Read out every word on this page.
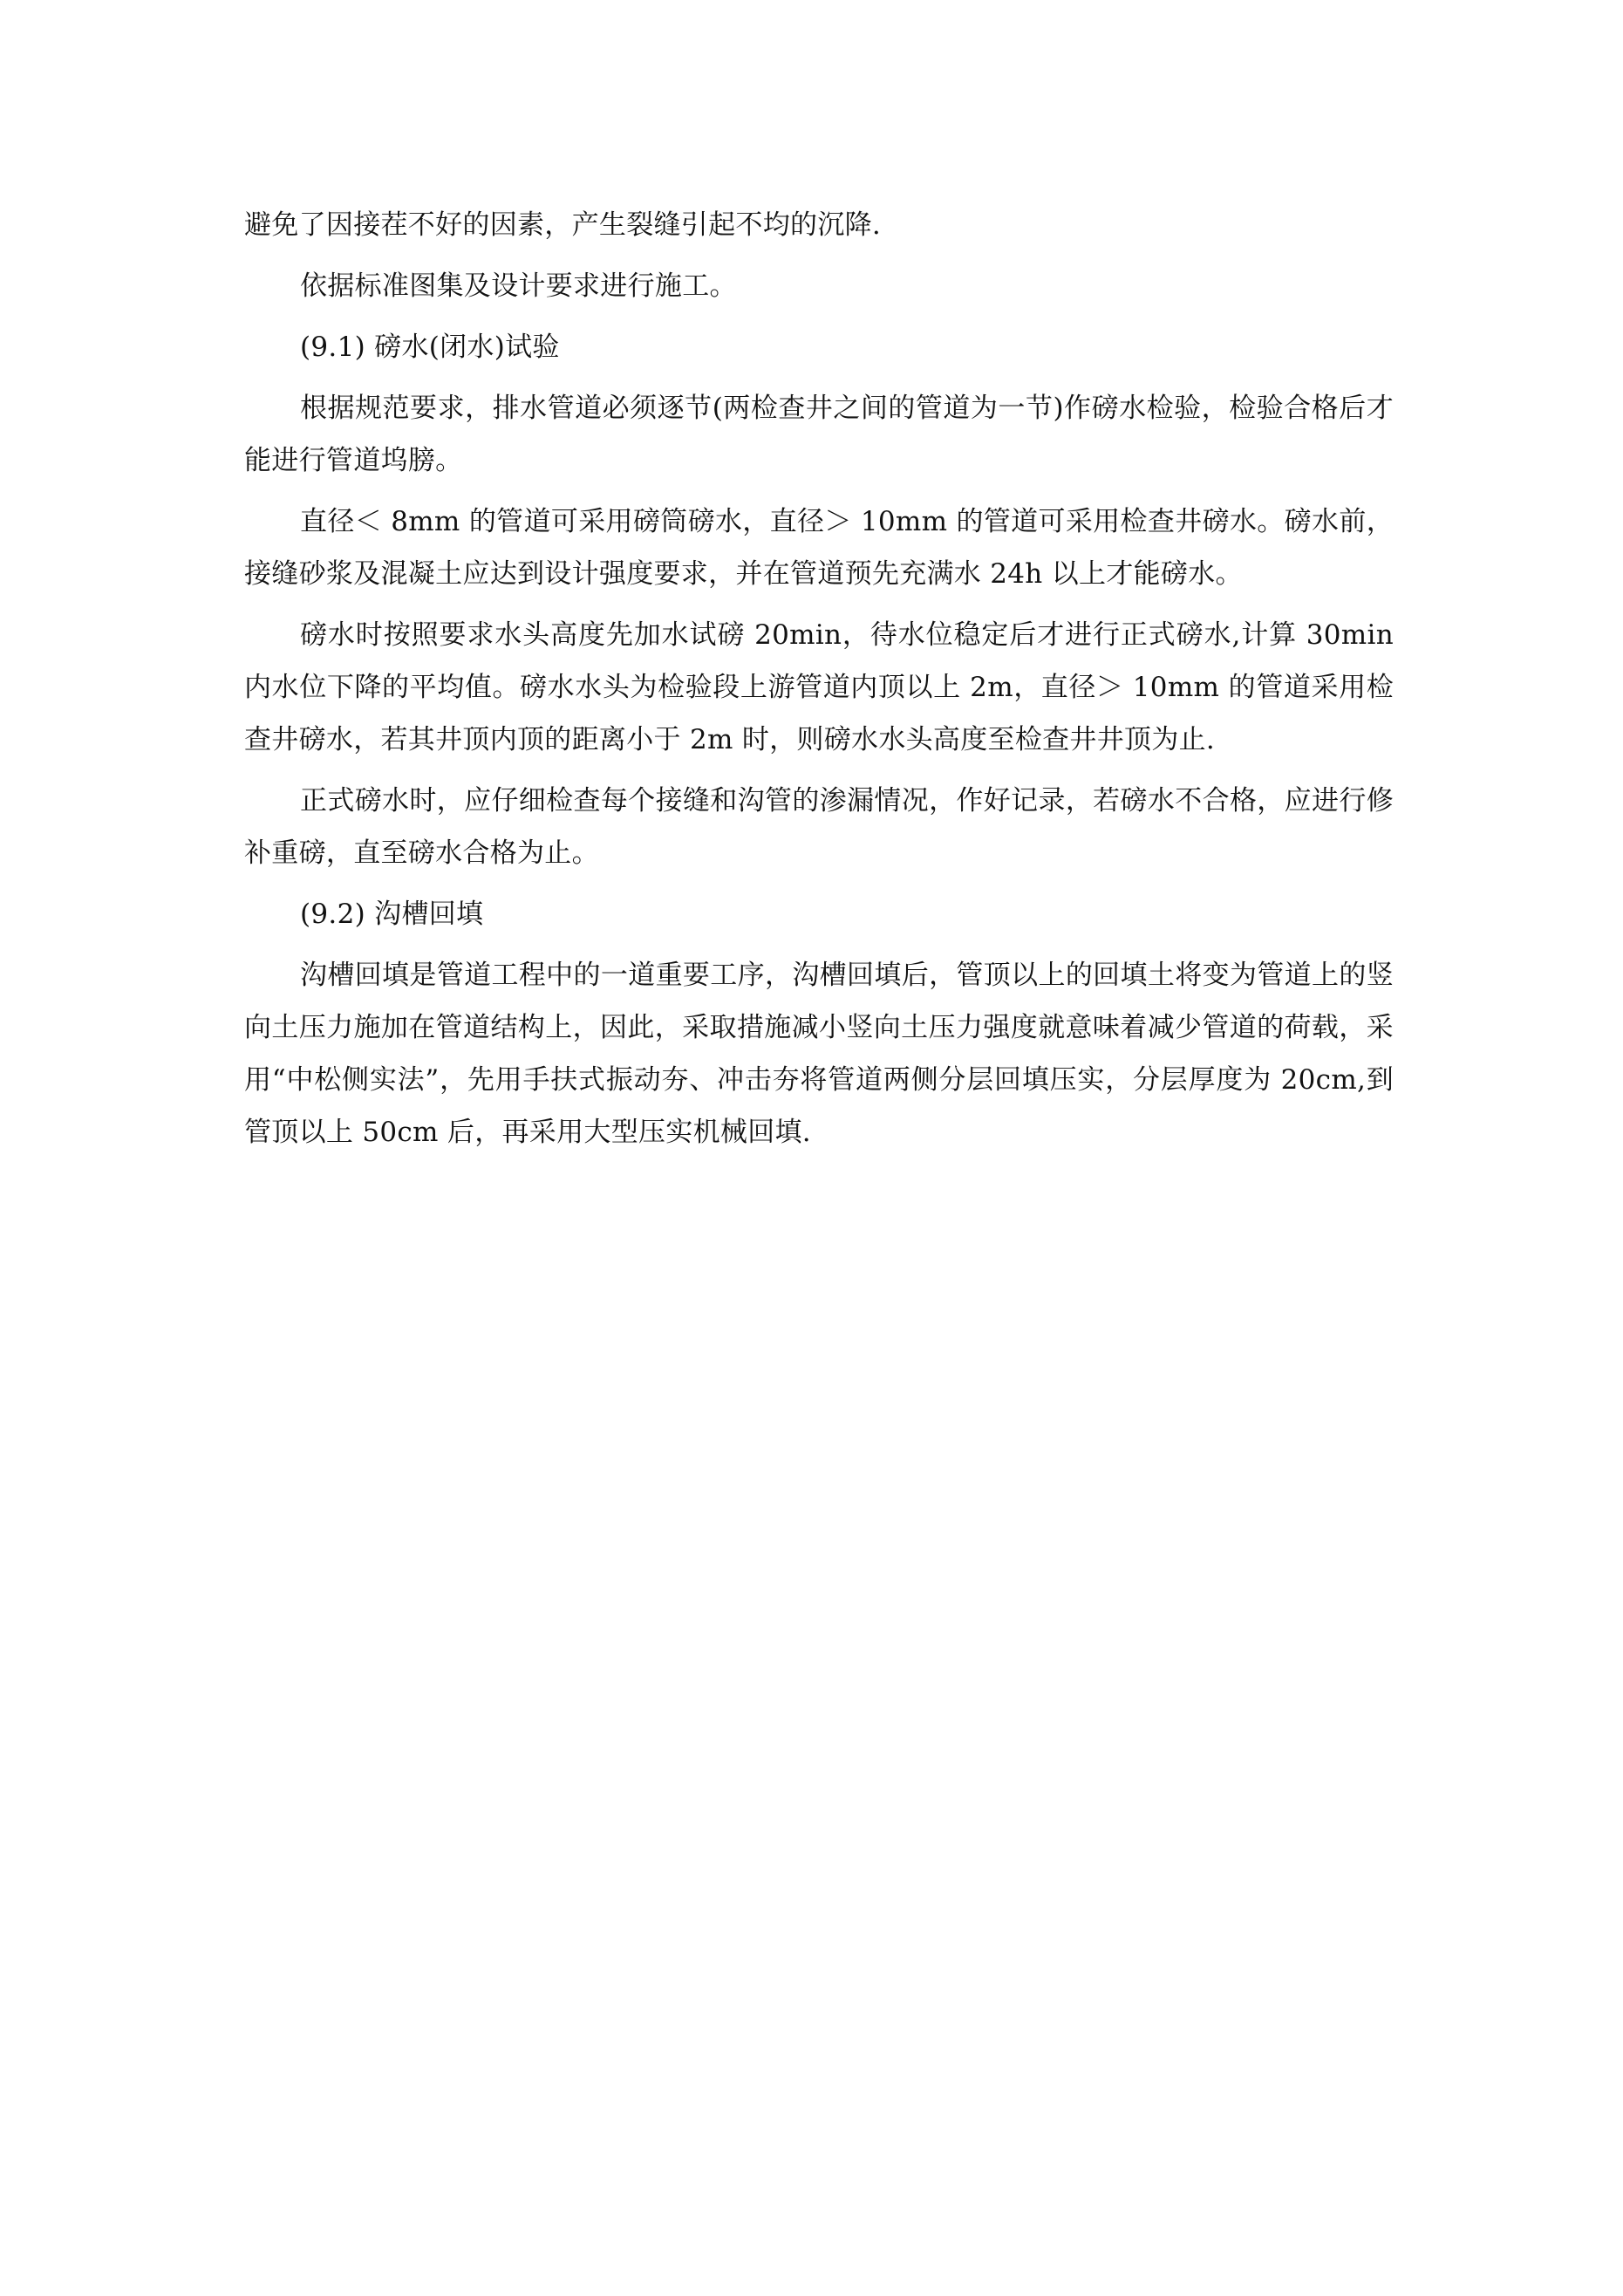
避免了因接茬不好的因素，产生裂缝引起不均的沉降.

依据标准图集及设计要求进行施工。

(9.1) 磅水(闭水)试验

根据规范要求，排水管道必须逐节(两检查井之间的管道为一节)作磅水检验，检验合格后才能进行管道坞膀。

直径＜ 8mm 的管道可采用磅筒磅水，直径＞ 10mm 的管道可采用检查井磅水。磅水前，接缝砂浆及混凝土应达到设计强度要求，并在管道预先充满水 24h 以上才能磅水。

磅水时按照要求水头高度先加水试磅 20min，待水位稳定后才进行正式磅水,计算 30min 内水位下降的平均值。磅水水头为检验段上游管道内顶以上 2m，直径＞ 10mm 的管道采用检查井磅水，若其井顶内顶的距离小于 2m 时，则磅水水头高度至检查井井顶为止.

正式磅水时，应仔细检查每个接缝和沟管的渗漏情况，作好记录，若磅水不合格，应进行修补重磅，直至磅水合格为止。

(9.2) 沟槽回填

沟槽回填是管道工程中的一道重要工序，沟槽回填后，管顶以上的回填土将变为管道上的竖向土压力施加在管道结构上，因此，采取措施减小竖向土压力强度就意味着减少管道的荷载，采用“中松侧实法”，先用手扶式振动夯、冲击夯将管道两侧分层回填压实，分层厚度为 20cm,到管顶以上 50cm 后，再采用大型压实机械回填.
